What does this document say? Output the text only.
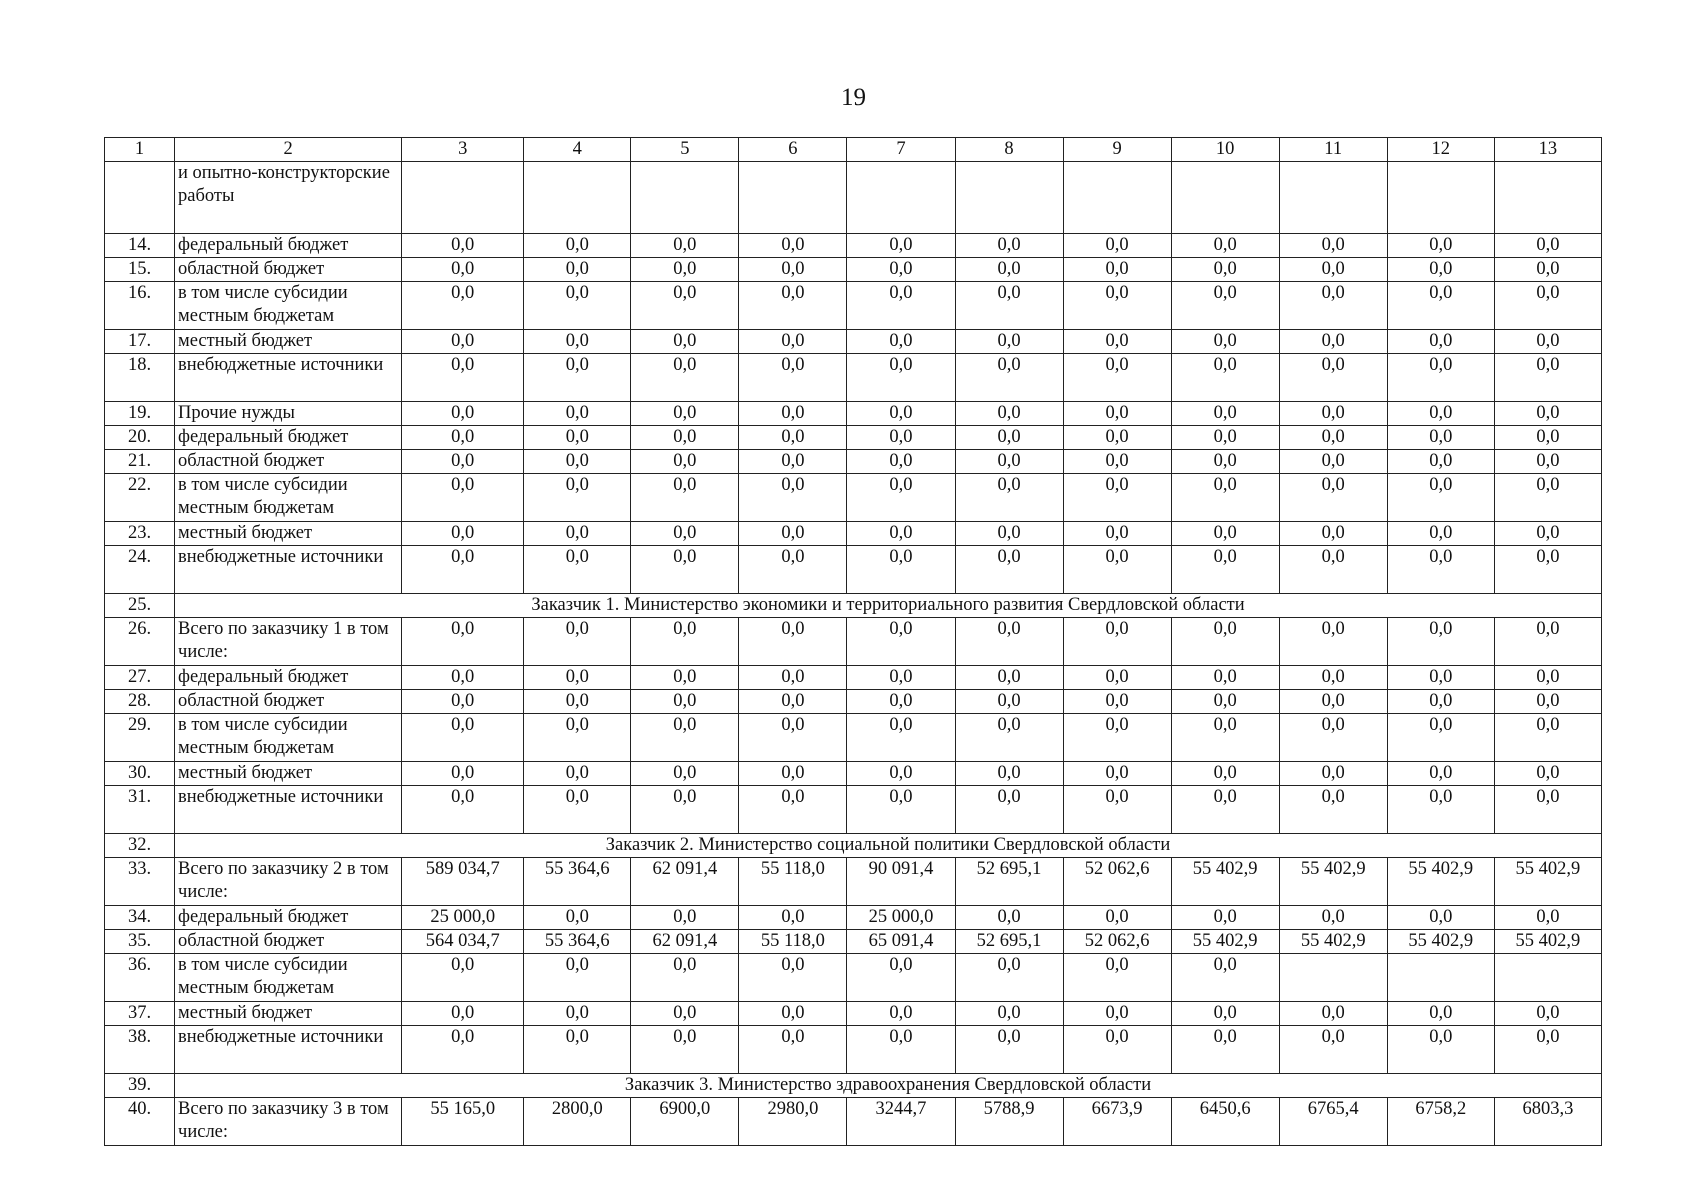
19
1	2	3	4	5	6	7	8	9	10	11	12	13
	и опытно-конструкторские работы											
14.	федеральный бюджет	0,0	0,0	0,0	0,0	0,0	0,0	0,0	0,0	0,0	0,0	0,0
15.	областной бюджет	0,0	0,0	0,0	0,0	0,0	0,0	0,0	0,0	0,0	0,0	0,0
16.	в том числе субсидии местным бюджетам	0,0	0,0	0,0	0,0	0,0	0,0	0,0	0,0	0,0	0,0	0,0
17.	местный бюджет	0,0	0,0	0,0	0,0	0,0	0,0	0,0	0,0	0,0	0,0	0,0
18.	внебюджетные источники	0,0	0,0	0,0	0,0	0,0	0,0	0,0	0,0	0,0	0,0	0,0
19.	Прочие нужды	0,0	0,0	0,0	0,0	0,0	0,0	0,0	0,0	0,0	0,0	0,0
20.	федеральный бюджет	0,0	0,0	0,0	0,0	0,0	0,0	0,0	0,0	0,0	0,0	0,0
21.	областной бюджет	0,0	0,0	0,0	0,0	0,0	0,0	0,0	0,0	0,0	0,0	0,0
22.	в том числе субсидии местным бюджетам	0,0	0,0	0,0	0,0	0,0	0,0	0,0	0,0	0,0	0,0	0,0
23.	местный бюджет	0,0	0,0	0,0	0,0	0,0	0,0	0,0	0,0	0,0	0,0	0,0
24.	внебюджетные источники	0,0	0,0	0,0	0,0	0,0	0,0	0,0	0,0	0,0	0,0	0,0
25.	Заказчик 1. Министерство экономики и территориального развития Свердловской области											
26.	Всего по заказчику 1 в том числе:	0,0	0,0	0,0	0,0	0,0	0,0	0,0	0,0	0,0	0,0	0,0
27.	федеральный бюджет	0,0	0,0	0,0	0,0	0,0	0,0	0,0	0,0	0,0	0,0	0,0
28.	областной бюджет	0,0	0,0	0,0	0,0	0,0	0,0	0,0	0,0	0,0	0,0	0,0
29.	в том числе субсидии местным бюджетам	0,0	0,0	0,0	0,0	0,0	0,0	0,0	0,0	0,0	0,0	0,0
30.	местный бюджет	0,0	0,0	0,0	0,0	0,0	0,0	0,0	0,0	0,0	0,0	0,0
31.	внебюджетные источники	0,0	0,0	0,0	0,0	0,0	0,0	0,0	0,0	0,0	0,0	0,0
32.	Заказчик 2. Министерство социальной политики Свердловской области											
33.	Всего по заказчику 2 в том числе:	589 034,7	55 364,6	62 091,4	55 118,0	90 091,4	52 695,1	52 062,6	55 402,9	55 402,9	55 402,9	55 402,9
34.	федеральный бюджет	25 000,0	0,0	0,0	0,0	25 000,0	0,0	0,0	0,0	0,0	0,0	0,0
35.	областной бюджет	564 034,7	55 364,6	62 091,4	55 118,0	65 091,4	52 695,1	52 062,6	55 402,9	55 402,9	55 402,9	55 402,9
36.	в том числе субсидии местным бюджетам	0,0	0,0	0,0	0,0	0,0	0,0	0,0	0,0			
37.	местный бюджет	0,0	0,0	0,0	0,0	0,0	0,0	0,0	0,0	0,0	0,0	0,0
38.	внебюджетные источники	0,0	0,0	0,0	0,0	0,0	0,0	0,0	0,0	0,0	0,0	0,0
39.	Заказчик 3. Министерство здравоохранения Свердловской области											
40.	Всего по заказчику 3 в том числе:	55 165,0	2800,0	6900,0	2980,0	3244,7	5788,9	6673,9	6450,6	6765,4	6758,2	6803,3
